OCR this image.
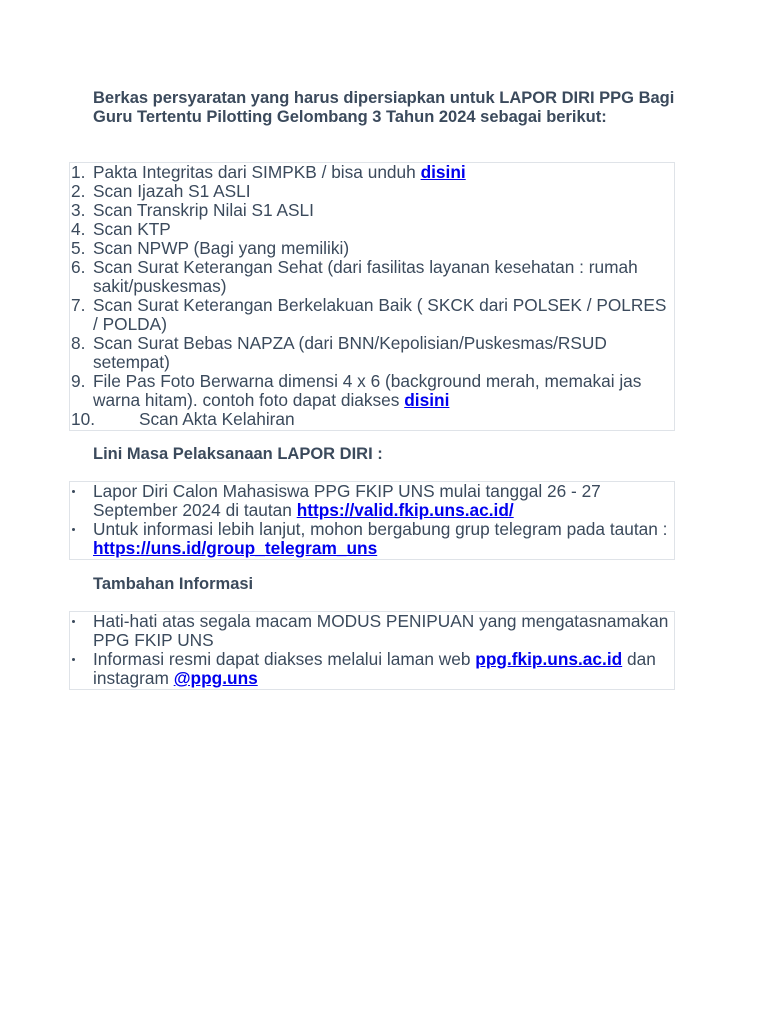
Berkas persyaratan yang harus dipersiapkan untuk LAPOR DIRI PPG Bagi Guru Tertentu Pilotting Gelombang 3 Tahun 2024 sebagai berikut:
1. Pakta Integritas dari SIMPKB / bisa unduh disini
2. Scan Ijazah S1 ASLI
3. Scan Transkrip Nilai S1 ASLI
4. Scan KTP
5. Scan NPWP (Bagi yang memiliki)
6. Scan Surat Keterangan Sehat (dari fasilitas layanan kesehatan : rumah sakit/puskesmas)
7. Scan Surat Keterangan Berkelakuan Baik ( SKCK dari POLSEK / POLRES / POLDA)
8. Scan Surat Bebas NAPZA (dari BNN/Kepolisian/Puskesmas/RSUD setempat)
9. File Pas Foto Berwarna dimensi 4 x 6 (background merah, memakai jas warna hitam). contoh foto dapat diakses disini
10.	Scan Akta Kelahiran
Lini Masa Pelaksanaan LAPOR DIRI :
Lapor Diri Calon Mahasiswa PPG FKIP UNS mulai tanggal 26 - 27 September 2024 di tautan https://valid.fkip.uns.ac.id/
Untuk informasi lebih lanjut, mohon bergabung grup telegram pada tautan : https://uns.id/group_telegram_uns
Tambahan Informasi
Hati-hati atas segala macam MODUS PENIPUAN yang mengatasnamakan PPG FKIP UNS
Informasi resmi dapat diakses melalui laman web ppg.fkip.uns.ac.id dan instagram @ppg.uns
